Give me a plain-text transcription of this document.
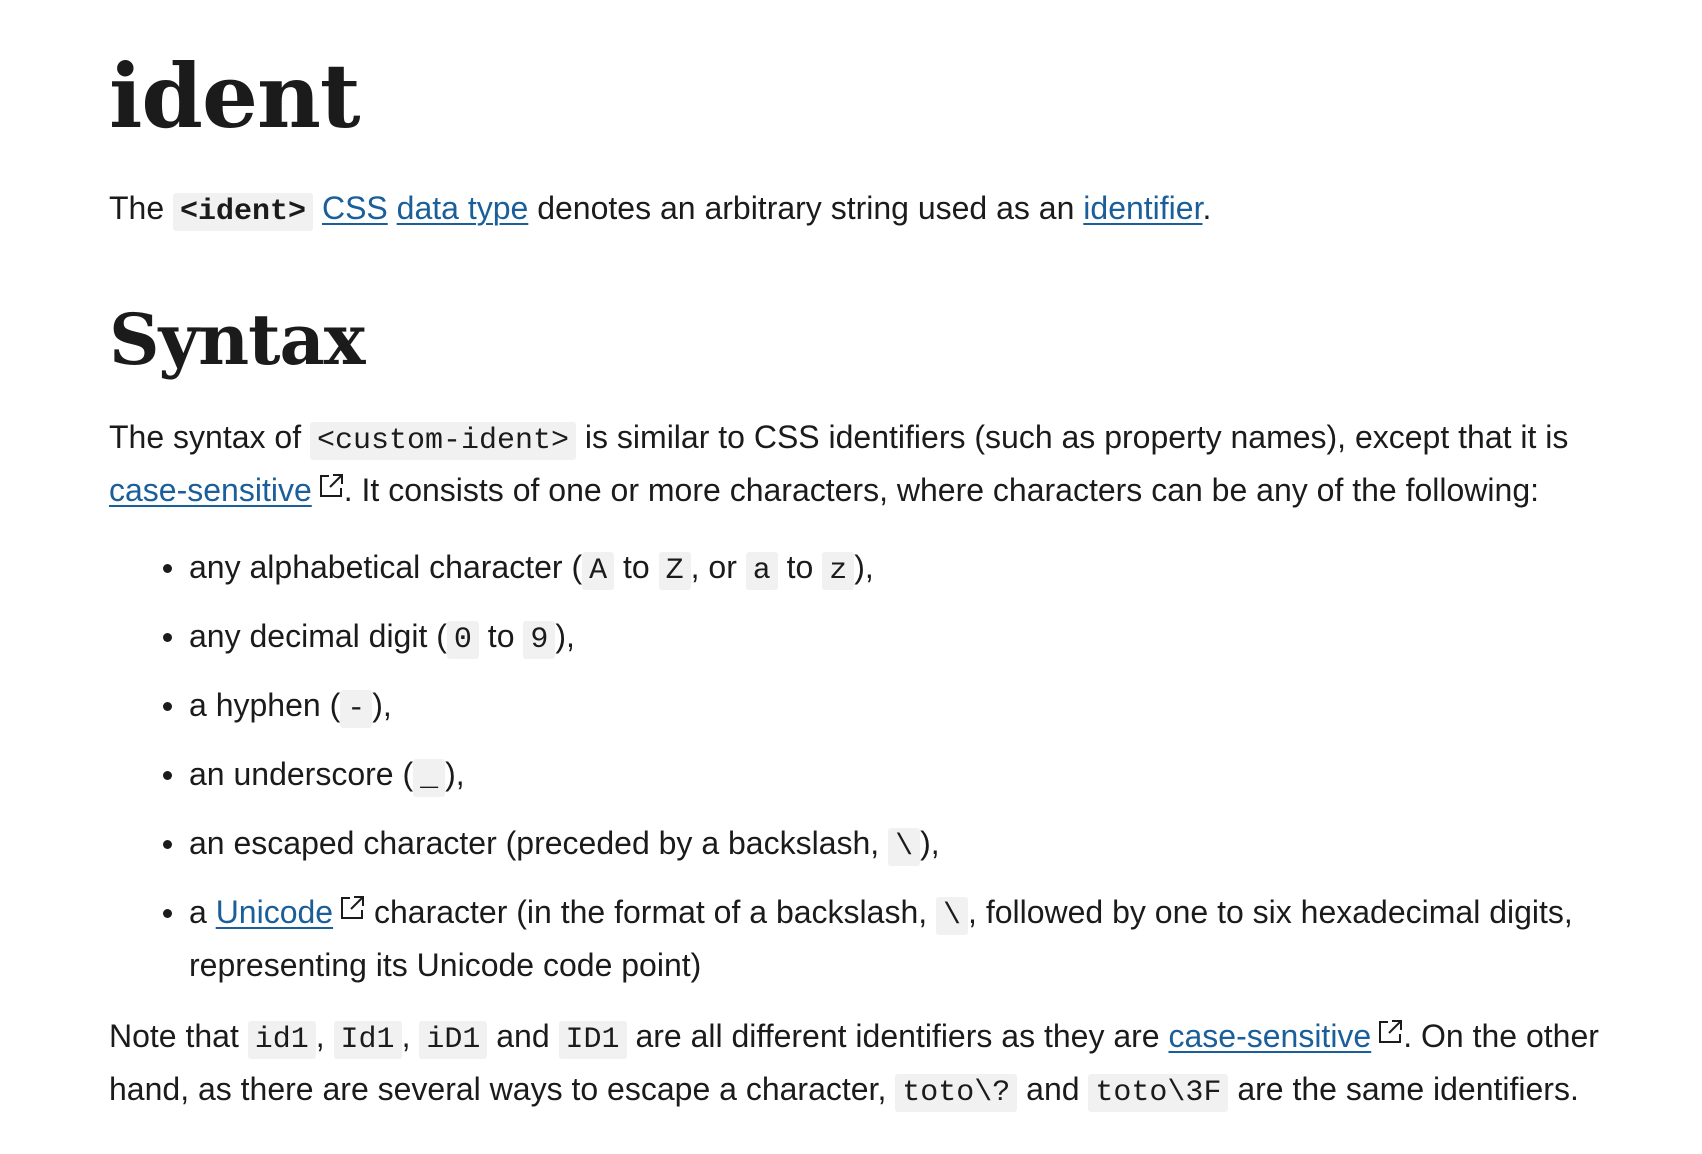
ident

The <ident> CSS data type denotes an arbitrary string used as an identifier.

Syntax

The syntax of <custom-ident> is similar to CSS identifiers (such as property names), except that it is case-sensitive . It consists of one or more characters, where characters can be any of the following:

any alphabetical character ( A to Z , or a to z ),
any decimal digit ( 0 to 9 ),
a hyphen ( - ),
an underscore ( _ ),
an escaped character (preceded by a backslash, \ ),
a Unicode character (in the format of a backslash, \ , followed by one to six hexadecimal digits, representing its Unicode code point)

Note that id1 , Id1 , iD1 and ID1 are all different identifiers as they are case-sensitive . On the other hand, as there are several ways to escape a character, toto\? and toto\3F are the same identifiers.
